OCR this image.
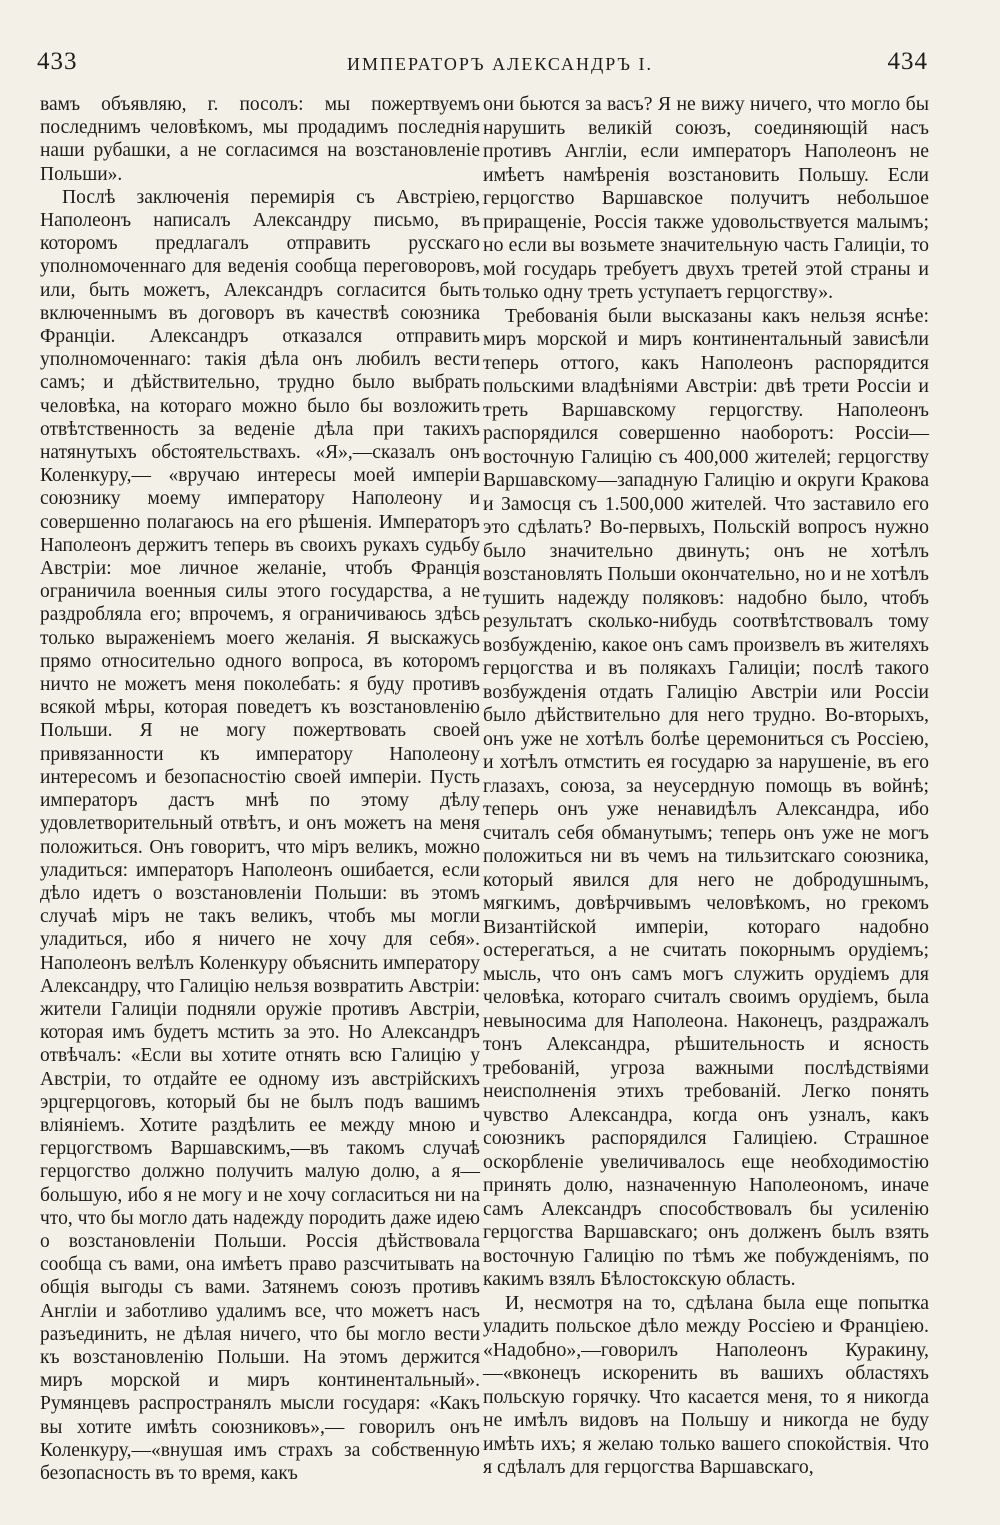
433	ИМПЕРАТОРЪ АЛЕКСАНДРЪ I.	434

вамъ объявляю, г. посолъ: мы пожертвуемъ последнимъ человѣкомъ, мы продадимъ последнія наши рубашки, а не согласимся на возстановленіе Польши».

Послѣ заключенія перемирія съ Австріею, Наполеонъ написалъ Александру письмо, въ которомъ предлагалъ отправить русскаго уполномоченнаго для веденія сообща переговоровъ, или, быть можетъ, Александръ согласится быть включеннымъ въ договоръ въ качествѣ союзника Франціи. Александръ отказался отправить уполномоченнаго: такія дѣла онъ любилъ вести самъ; и дѣйствительно, трудно было выбрать человѣка, на котораго можно было бы возложить отвѣтственность за веденіе дѣла при такихъ натянутыхъ обстоятельствахъ. «Я»,—сказалъ онъ Коленкуру,— «вручаю интересы моей имперіи союзнику моему императору Наполеону и совершенно полагаюсь на его рѣшенія. Императоръ Наполеонъ держитъ теперь въ своихъ рукахъ судьбу Австріи: мое личное желаніе, чтобъ Франція ограничила военныя силы этого государства, а не раздробляла его; впрочемъ, я ограничиваюсь здѣсь только выраженіемъ моего желанія. Я выскажусь прямо относительно одного вопроса, въ которомъ ничто не можетъ меня поколебать: я буду противъ всякой мѣры, которая поведетъ къ возстановленію Польши. Я не могу пожертвовать своей привязанности къ императору Наполеону интересомъ и безопасностію своей имперіи. Пусть императоръ дастъ мнѣ по этому дѣлу удовлетворительный отвѣтъ, и онъ можетъ на меня положиться. Онъ говоритъ, что міръ великъ, можно уладиться: императоръ Наполеонъ ошибается, если дѣло идетъ о возстановленіи Польши: въ этомъ случаѣ міръ не такъ великъ, чтобъ мы могли уладиться, ибо я ничего не хочу для себя». Наполеонъ велѣлъ Коленкуру объяснить императору Александру, что Галицію нельзя возвратить Австріи: жители Галиціи подняли оружіе противъ Австріи, которая имъ будетъ мстить за это. Но Александръ отвѣчалъ: «Если вы хотите отнять всю Галицію у Австріи, то отдайте ее одному изъ австрійскихъ эрцгерцоговъ, который бы не былъ подъ вашимъ вліяніемъ. Хотите раздѣлить ее между мною и герцогствомъ Варшавскимъ,—въ такомъ случаѣ герцогство должно получить малую долю, а я—большую, ибо я не могу и не хочу согласиться ни на что, что бы могло дать надежду породить даже идею о возстановленіи Польши. Россія дѣйствовала сообща съ вами, она имѣетъ право разсчитывать на общія выгоды съ вами. Затянемъ союзъ противъ Англіи и заботливо удалимъ все, что можетъ насъ разъединить, не дѣлая ничего, что бы могло вести къ возстановленію Польши. На этомъ держится миръ морской и миръ континентальный». Румянцевъ распространялъ мысли государя: «Какъ вы хотите имѣть союзниковъ»,— говорилъ онъ Коленкуру,—«внушая имъ страхъ за собственную безопасность въ то время, какъ

они бьются за васъ? Я не вижу ничего, что могло бы нарушить великій союзъ, соединяющій насъ противъ Англіи, если императоръ Наполеонъ не имѣетъ намѣренія возстановить Польшу. Если герцогство Варшавское получитъ небольшое приращеніе, Россія также удовольствуется малымъ; но если вы возьмете значительную часть Галиціи, то мой государь требуетъ двухъ третей этой страны и только одну треть уступаетъ герцогству».

Требованія были высказаны какъ нельзя яснѣе: миръ морской и миръ континентальный зависѣли теперь оттого, какъ Наполеонъ распорядится польскими владѣніями Австріи: двѣ трети Россіи и треть Варшавскому герцогству. Наполеонъ распорядился совершенно наоборотъ: Россіи—восточную Галицію съ 400,000 жителей; герцогству Варшавскому—западную Галицію и округи Кракова и Замосця съ 1.500,000 жителей. Что заставило его это сдѣлать? Во-первыхъ, Польскій вопросъ нужно было значительно двинуть; онъ не хотѣлъ возстановлять Польши окончательно, но и не хотѣлъ тушить надежду поляковъ: надобно было, чтобъ результатъ сколько-нибудь соотвѣтствовалъ тому возбужденію, какое онъ самъ произвелъ въ жителяхъ герцогства и въ полякахъ Галиціи; послѣ такого возбужденія отдать Галицію Австріи или Россіи было дѣйствительно для него трудно. Во-вторыхъ, онъ уже не хотѣлъ болѣе церемониться съ Россіею, и хотѣлъ отмстить ея государю за нарушеніе, въ его глазахъ, союза, за неусердную помощь въ войнѣ; теперь онъ уже ненавидѣлъ Александра, ибо считалъ себя обманутымъ; теперь онъ уже не могъ положиться ни въ чемъ на тильзитскаго союзника, который явился для него не добродушнымъ, мягкимъ, довѣрчивымъ человѣкомъ, но грекомъ Византійской имперіи, котораго надобно остерегаться, а не считать покорнымъ орудіемъ; мысль, что онъ самъ могъ служить орудіемъ для человѣка, котораго считалъ своимъ орудіемъ, была невыносима для Наполеона. Наконецъ, раздражалъ тонъ Александра, рѣшительность и ясность требованій, угроза важными послѣдствіями неисполненія этихъ требованій. Легко понять чувство Александра, когда онъ узналъ, какъ союзникъ распорядился Галиціею. Страшное оскорбленіе увеличивалось еще необходимостію принять долю, назначенную Наполеономъ, иначе самъ Александръ способствовалъ бы усиленію герцогства Варшавскаго; онъ долженъ былъ взять восточную Галицію по тѣмъ же побужденіямъ, по какимъ взялъ Бѣлостокскую область.

И, несмотря на то, сдѣлана была еще попытка уладить польское дѣло между Россіею и Франціею. «Надобно»,—говорилъ Наполеонъ Куракину,—«вконецъ искоренить въ вашихъ областяхъ польскую горячку. Что касается меня, то я никогда не имѣлъ видовъ на Польшу и никогда не буду имѣть ихъ; я желаю только вашего спокойствія. Что я сдѣлалъ для герцогства Варшавскаго,
